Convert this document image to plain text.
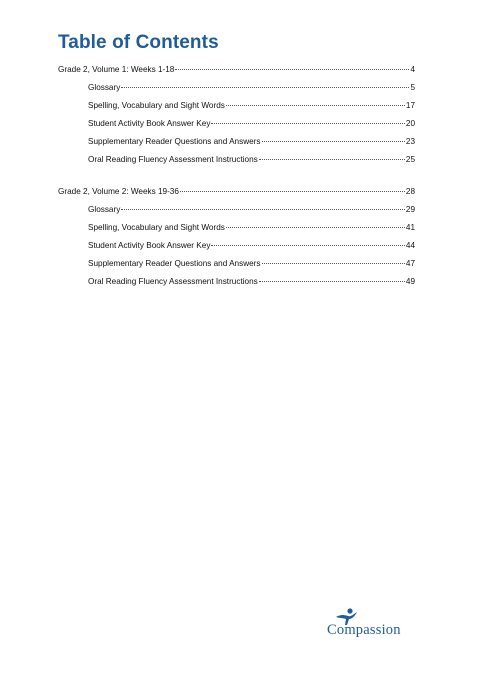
Table of Contents
Grade 2, Volume 1: Weeks 1-18	4
Glossary	5
Spelling, Vocabulary and Sight Words	17
Student Activity Book Answer Key	20
Supplementary Reader Questions and Answers	23
Oral Reading Fluency Assessment Instructions	25
Grade 2, Volume 2: Weeks 19-36	28
Glossary	29
Spelling, Vocabulary and Sight Words	41
Student Activity Book Answer Key	44
Supplementary Reader Questions and Answers	47
Oral Reading Fluency Assessment Instructions	49
Compassion
